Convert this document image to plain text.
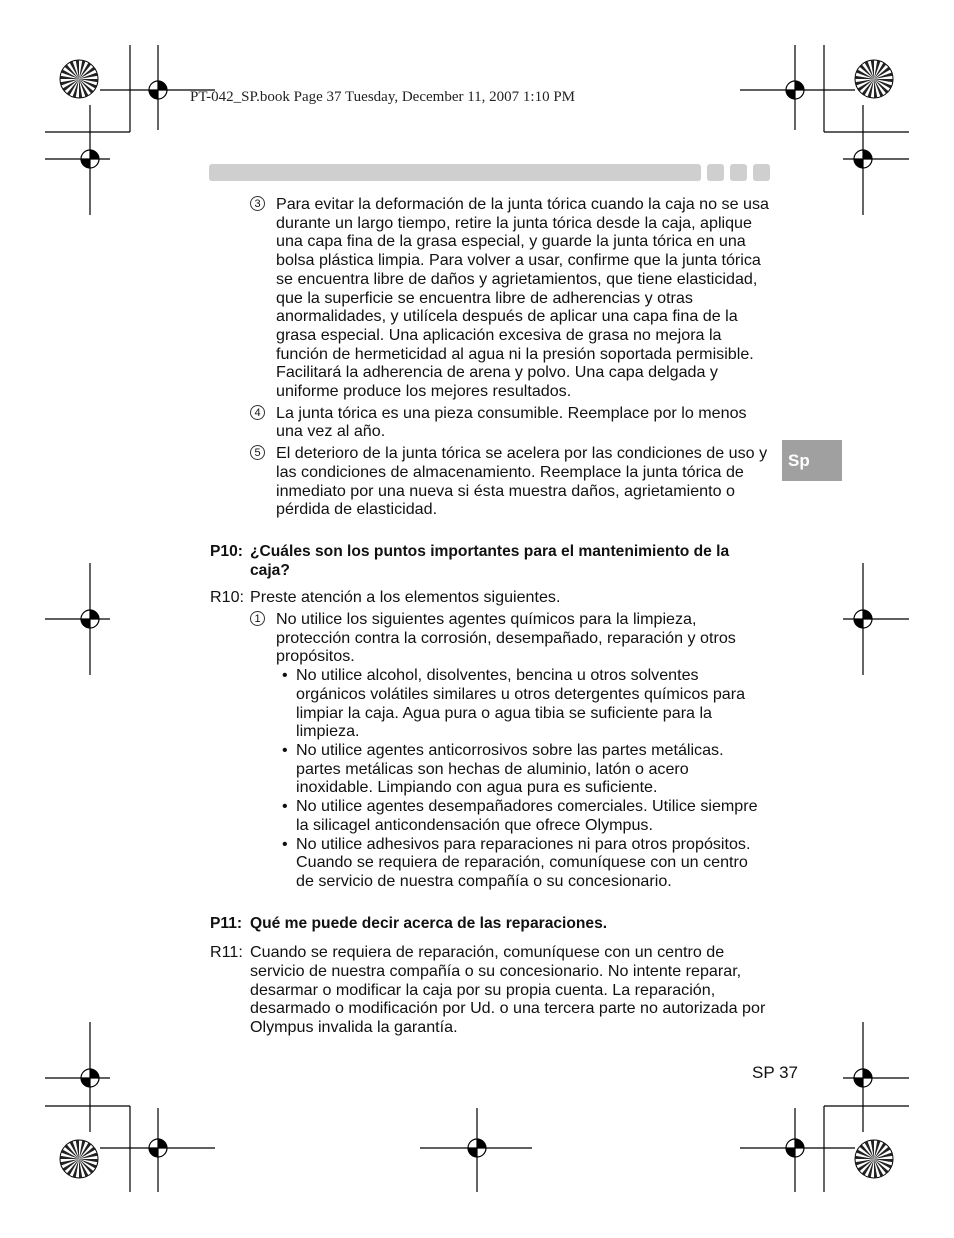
PT-042_SP.book Page 37 Tuesday, December 11, 2007 1:10 PM
Sp
3 Para evitar la deformación de la junta tórica cuando la caja no se usa durante un largo tiempo, retire la junta tórica desde la caja, aplique una capa fina de la grasa especial, y guarde la junta tórica en una bolsa plástica limpia. Para volver a usar, confirme que la junta tórica se encuentra libre de daños y agrietamientos, que tiene elasticidad, que la superficie se encuentra libre de adherencias y otras anormalidades, y utilícela después de aplicar una capa fina de la grasa especial. Una aplicación excesiva de grasa no mejora la función de hermeticidad al agua ni la presión soportada permisible. Facilitará la adherencia de arena y polvo. Una capa delgada y uniforme produce los mejores resultados.
4 La junta tórica es una pieza consumible. Reemplace por lo menos una vez al año.
5 El deterioro de la junta tórica se acelera por las condiciones de uso y las condiciones de almacenamiento. Reemplace la junta tórica de inmediato por una nueva si ésta muestra daños, agrietamiento o pérdida de elasticidad.
P10: ¿Cuáles son los puntos importantes para el mantenimiento de la caja?
R10: Preste atención a los elementos siguientes.
1 No utilice los siguientes agentes químicos para la limpieza, protección contra la corrosión, desempañado, reparación y otros propósitos.
• No utilice alcohol, disolventes, bencina u otros solventes orgánicos volátiles similares u otros detergentes químicos para limpiar la caja. Agua pura o agua tibia se suficiente para la limpieza.
• No utilice agentes anticorrosivos sobre las partes metálicas. partes metálicas son hechas de aluminio, latón o acero inoxidable. Limpiando con agua pura es suficiente.
• No utilice agentes desempañadores comerciales. Utilice siempre la silicagel anticondensación que ofrece Olympus.
• No utilice adhesivos para reparaciones ni para otros propósitos. Cuando se requiera de reparación, comuníquese con un centro de servicio de nuestra compañía o su concesionario.
P11: Qué me puede decir acerca de las reparaciones.
R11: Cuando se requiera de reparación, comuníquese con un centro de servicio de nuestra compañía o su concesionario. No intente reparar, desarmar o modificar la caja por su propia cuenta. La reparación, desarmado o modificación por Ud. o una tercera parte no autorizada por Olympus invalida la garantía.
SP 37
